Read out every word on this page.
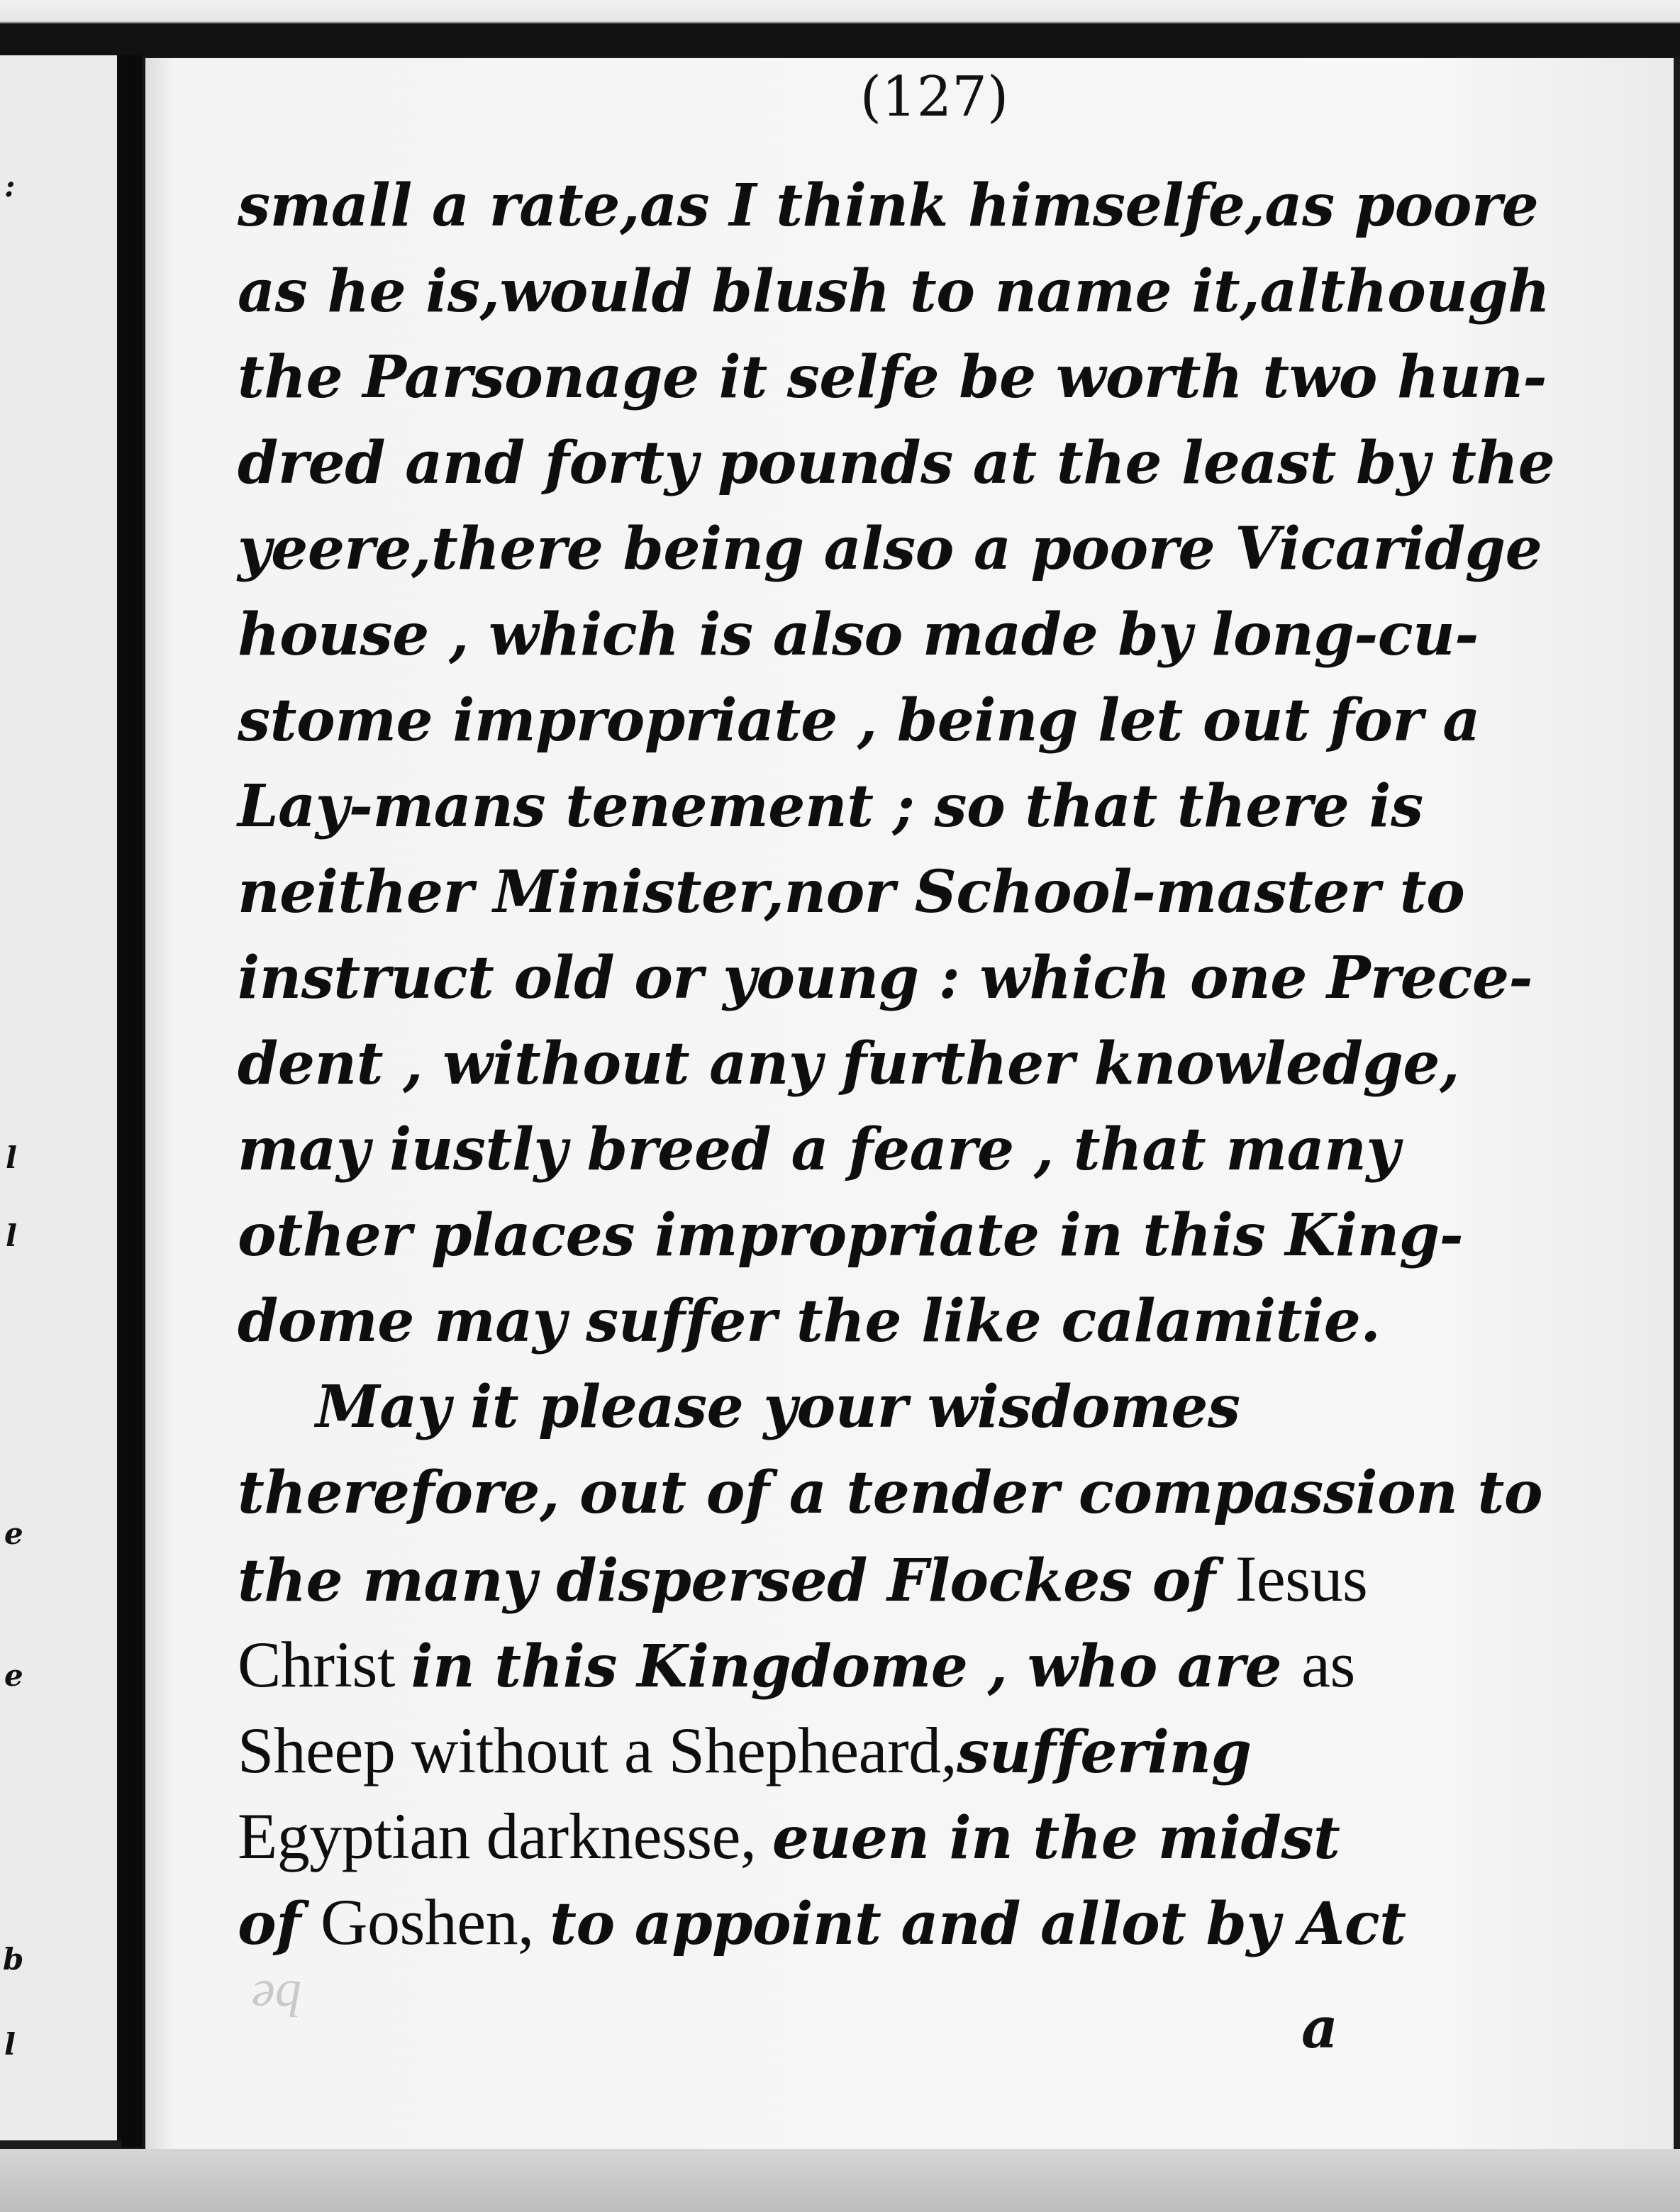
:
l
l
e
e
b
l
(127)
small a rate,as I think himselfe,as poore
as he is,would blush to name it,although
the Parsonage it selfe be worth two hun-
dred and forty pounds at the least by the
yeere,there being also a poore Vicaridge
house , which is also made by long-cu-
stome impropriate , being let out for a
Lay-mans tenement ; so that there is
neither Minister,nor School-master to
instruct old or young : which one Prece-
dent , without any further knowledge,
may iustly breed a feare , that many
other places impropriate in this King-
dome may suffer the like calamitie.
May it please your wisdomes
therefore, out of a tender compassion to
the many dispersed Flockes of Iesus
Christ in this Kingdome , who are as
Sheep without a Shepheard,suffering
Egyptian darknesse, euen in the midst
of Goshen, to appoint and allot by Act
ǝq
a
